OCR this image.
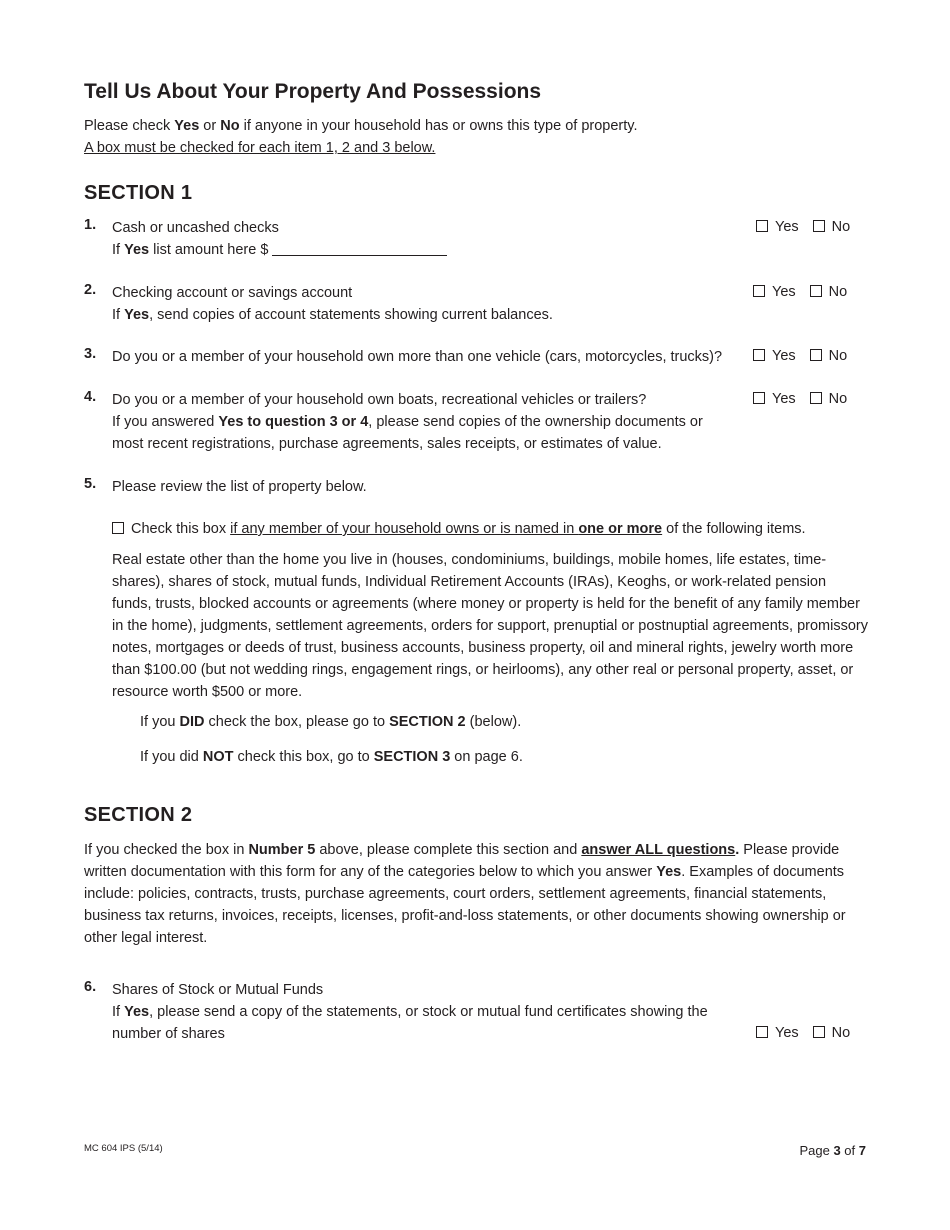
Tell Us About Your Property And Possessions
Please check Yes or No if anyone in your household has or owns this type of property.
A box must be checked for each item 1, 2 and 3 below.
SECTION 1
1. Cash or uncashed checks
If Yes list amount here $
Yes No
2. Checking account or savings account
If Yes, send copies of account statements showing current balances.
Yes No
3. Do you or a member of your household own more than one vehicle (cars, motorcycles, trucks)?	Yes No
4. Do you or a member of your household own boats, recreational vehicles or trailers?
If you answered Yes to question 3 or 4, please send copies of the ownership documents or
most recent registrations, purchase agreements, sales receipts, or estimates of value.
Yes No
5. Please review the list of property below.
Check this box if any member of your household owns or is named in one or more of the following items.
Real estate other than the home you live in (houses, condominiums, buildings, mobile homes, life estates, time-shares), shares of stock, mutual funds, Individual Retirement Accounts (IRAs), Keoghs, or work-related pension funds, trusts, blocked accounts or agreements (where money or property is held for the benefit of any family member in the home), judgments, settlement agreements, orders for support, prenuptial or postnuptial agreements, promissory notes, mortgages or deeds of trust, business accounts, business property, oil and mineral rights, jewelry worth more than $100.00 (but not wedding rings, engagement rings, or heirlooms), any other real or personal property, asset, or resource worth $500 or more.
If you DID check the box, please go to SECTION 2 (below).
If you did NOT check this box, go to SECTION 3 on page 6.
SECTION 2
If you checked the box in Number 5 above, please complete this section and answer ALL questions. Please provide written documentation with this form for any of the categories below to which you answer Yes. Examples of documents include: policies, contracts, trusts, purchase agreements, court orders, settlement agreements, financial statements, business tax returns, invoices, receipts, licenses, profit-and-loss statements, or other documents showing ownership or other legal interest.
6. Shares of Stock or Mutual Funds
If Yes, please send a copy of the statements, or stock or mutual fund certificates showing the
number of shares	Yes No
MC 604 IPS (5/14)	Page 3 of 7
